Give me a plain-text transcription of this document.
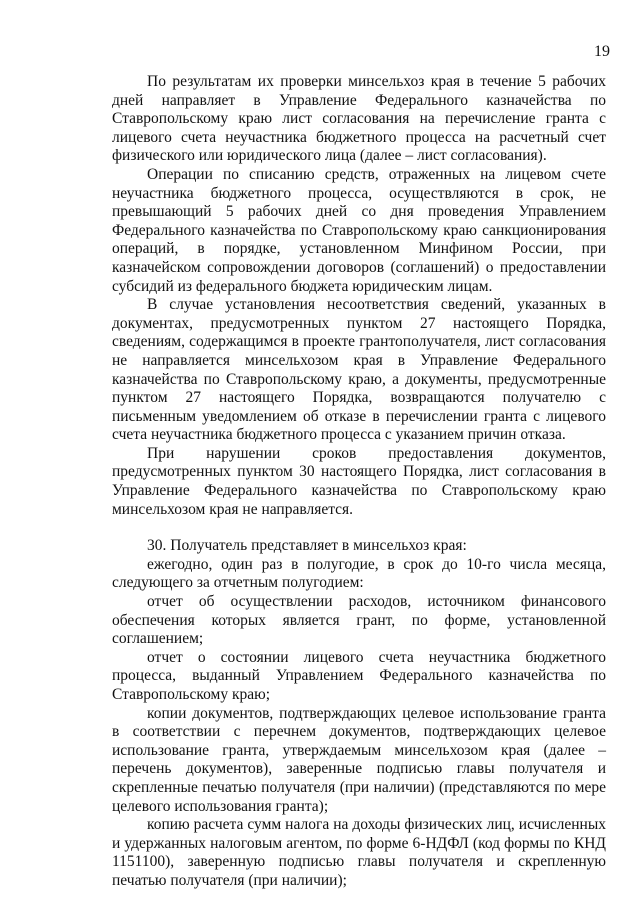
19

По результатам их проверки минсельхоз края в течение 5 рабочих дней направляет в Управление Федерального казначейства по Ставропольскому краю лист согласования на перечисление гранта с лицевого счета неучастника бюджетного процесса на расчетный счет физического или юридического лица (далее – лист согласования).

Операции по списанию средств, отраженных на лицевом счете неучастника бюджетного процесса, осуществляются в срок, не превышающий 5 рабочих дней со дня проведения Управлением Федерального казначейства по Ставропольскому краю санкционирования операций, в порядке, установленном Минфином России, при казначейском сопровождении договоров (соглашений) о предоставлении субсидий из федерального бюджета юридическим лицам.

В случае установления несоответствия сведений, указанных в документах, предусмотренных пунктом 27 настоящего Порядка, сведениям, содержащимся в проекте грантополучателя, лист согласования не направляется минсельхозом края в Управление Федерального казначейства по Ставропольскому краю, а документы, предусмотренные пунктом 27 настоящего Порядка, возвращаются получателю с письменным уведомлением об отказе в перечислении гранта с лицевого счета неучастника бюджетного процесса с указанием причин отказа.

При нарушении сроков предоставления документов, предусмотренных пунктом 30 настоящего Порядка, лист согласования в Управление Федерального казначейства по Ставропольскому краю минсельхозом края не направляется.

30. Получатель представляет в минсельхоз края:

ежегодно, один раз в полугодие, в срок до 10-го числа месяца, следующего за отчетным полугодием:

отчет об осуществлении расходов, источником финансового обеспечения которых является грант, по форме, установленной соглашением;

отчет о состоянии лицевого счета неучастника бюджетного процесса, выданный Управлением Федерального казначейства по Ставропольскому краю;

копии документов, подтверждающих целевое использование гранта в соответствии с перечнем документов, подтверждающих целевое использование гранта, утверждаемым минсельхозом края (далее – перечень документов), заверенные подписью главы получателя и скрепленные печатью получателя (при наличии) (представляются по мере целевого использования гранта);

копию расчета сумм налога на доходы физических лиц, исчисленных и удержанных налоговым агентом, по форме 6-НДФЛ (код формы по КНД 1151100), заверенную подписью главы получателя и скрепленную печатью получателя (при наличии);
